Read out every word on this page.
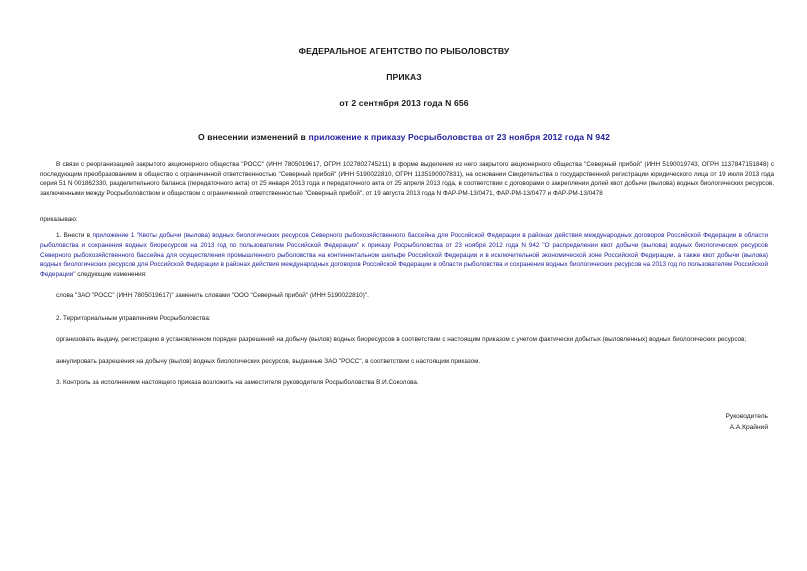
ФЕДЕРАЛЬНОЕ АГЕНТСТВО ПО РЫБОЛОВСТВУ
ПРИКАЗ
от 2 сентября 2013 года N 656
О внесении изменений в приложение к приказу Росрыболовства от 23 ноября 2012 года N 942

В связи с реорганизацией закрытого акционерного общества "РОСС" (ИНН 7805019617, ОГРН 1027802745211) в форме выделения из него закрытого акционерного общества "Северный прибой" (ИНН 5190019743, ОГРН 1137847151848) с последующим преобразованием в общество с ограниченной ответственностью "Северный прибой" (ИНН 5190022810, ОГРН 1135190007831), на основании Свидетельства о государственной регистрации юридического лица от 19 июля 2013 года серия 51 N 001862330, разделительного баланса (передаточного акта) от 25 января 2013 года и передаточного акта от 25 апреля 2013 года, в соответствии с договорами о закреплении долей квот добычи (вылова) водных биологических ресурсов, заключенными между Росрыболовством и обществом с ограниченной ответственностью "Северный прибой", от 19 августа 2013 года N ФАР-РМ-13/0471, ФАР-РМ-13/0477 и ФАР-РМ-13/0478

приказываю:

1. Внести в приложение 1 "Квоты добычи (вылова) водных биологических ресурсов Северного рыбохозяйственного бассейна для Российской Федерации в районах действия международных договоров Российской Федерации в области рыболовства и сохранения водных биоресурсов на 2013 год по пользователям Российской Федерации" к приказу Росрыболовства от 23 ноября 2012 года N 942 "О распределении квот добычи (вылова) водных биологических ресурсов Северного рыбохозяйственного бассейна для осуществления промышленного рыболовства на континентальном шельфе Российской Федерации и в исключительной экономической зоне Российской Федерации, а также квот добычи (вылова) водных биологических ресурсов для Российской Федерации в районах действия международных договоров Российской Федерации в области рыболовства и сохранения водных биологических ресурсов на 2013 год по пользователям Российской Федерации" следующие изменения:

слова "ЗАО "РОСС" (ИНН 7805019617)" заменить словами "ООО "Северный прибой" (ИНН 5190022810)".

2. Территориальным управлениям Росрыболовства:

организовать выдачу, регистрацию в установленном порядке разрешений на добычу (вылов) водных биоресурсов в соответствии с настоящим приказом с учетом фактически добытых (выловленных) водных биологических ресурсов;

аннулировать разрешения на добычу (вылов) водных биологических ресурсов, выданные ЗАО "РОСС", в соответствии с настоящим приказом.

3. Контроль за исполнением настоящего приказа возложить на заместителя руководителя Росрыболовства В.И.Соколова.

Руководитель
А.А.Крайний
